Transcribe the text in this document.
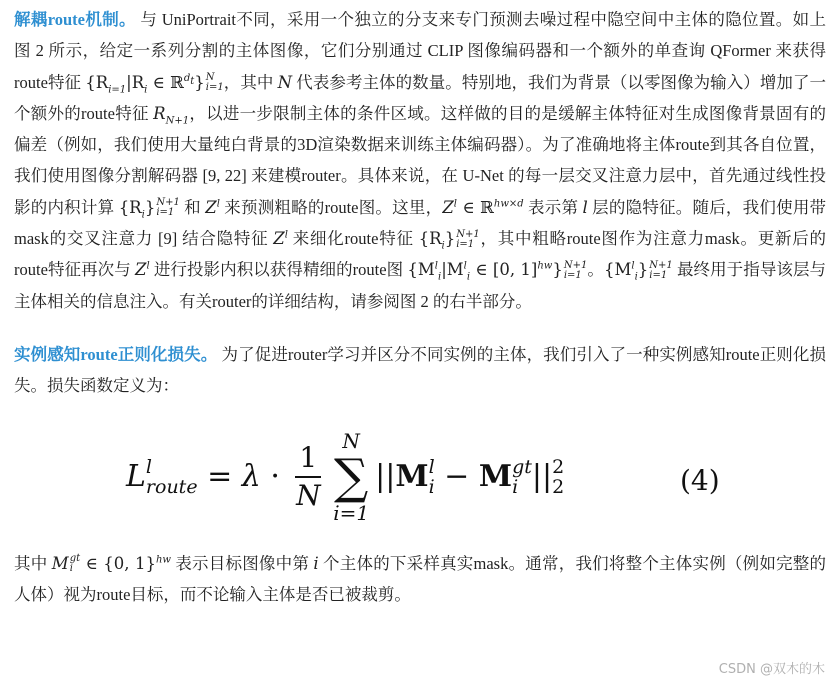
解耦route机制。 与 UniPortrait不同，采用一个独立的分支来专门预测去噪过程中隐空间中主体的隐位置。如上图 2 所示，给定一系列分割的主体图像，它们分别通过 CLIP 图像编码器和一个额外的单查询 QFormer 来获得route特征 {$R_{i=1}|R_i$ ∈ ℝ$^{d_t}$} N
i=1 ，其中 N 代表参考主体的数量。特别地，我们为背景（以零图像为输入）增加了一个额外的route特征 $R_{N+1}$，以进一步限制主体的条件区域。这样做的目的是缓解主体特征对生成图像背景固有的偏差（例如，我们使用大量纯白背景的3D渲染数据来训练主体编码器）。为了准确地将主体route到其各自位置，我们使用图像分割解码器 [9, 22] 来建模router。具体来说，在 U-Net 的每一层交叉注意力层中，首先通过线性投影的内积计算 $\{R_i\}$ N+1
i=1 和 $Z^l$ 来预测粗略的route图。这里，$Z^l$ ∈ ℝ$^{hw\times d}$ 表示第 l 层的隐特征。随后，我们使用带mask的交叉注意力 [9] 结合隐特征 $Z^l$ 来细化route特征 $\{R_i\}$ N+1
i=1 ，其中粗略route图作为注意力mask。更新后的route特征再次与 $Z^l$ 进行投影内积以获得精细的route图 {$M^l_i|M^l_i$ ∈ [0, 1]$^{hw}$} N+1
i=1 。$\{M^l_i\}$ N+1
i=1 最终用于指导该层与主体相关的信息注入。有关router的详细结构，请参阅图 2 的右半部分。

实例感知route正则化损失。 为了促进router学习并区分不同实例的主体，我们引入了一种实例感知route正则化损失。损失函数定义为：

L l
route = $\lambda \cdot \frac{1}{N}$ N
∑
i=1
|| M l
i − M gt
i || 2
2	(4)

其中 M gt
i ∈ {0, 1}$^{hw}$ 表示目标图像中第 i 个主体的下采样真实mask。通常，我们将整个主体实例（例如完整的人体）视为route目标，而不论输入主体是否已被裁剪。

CSDN @双木的木
